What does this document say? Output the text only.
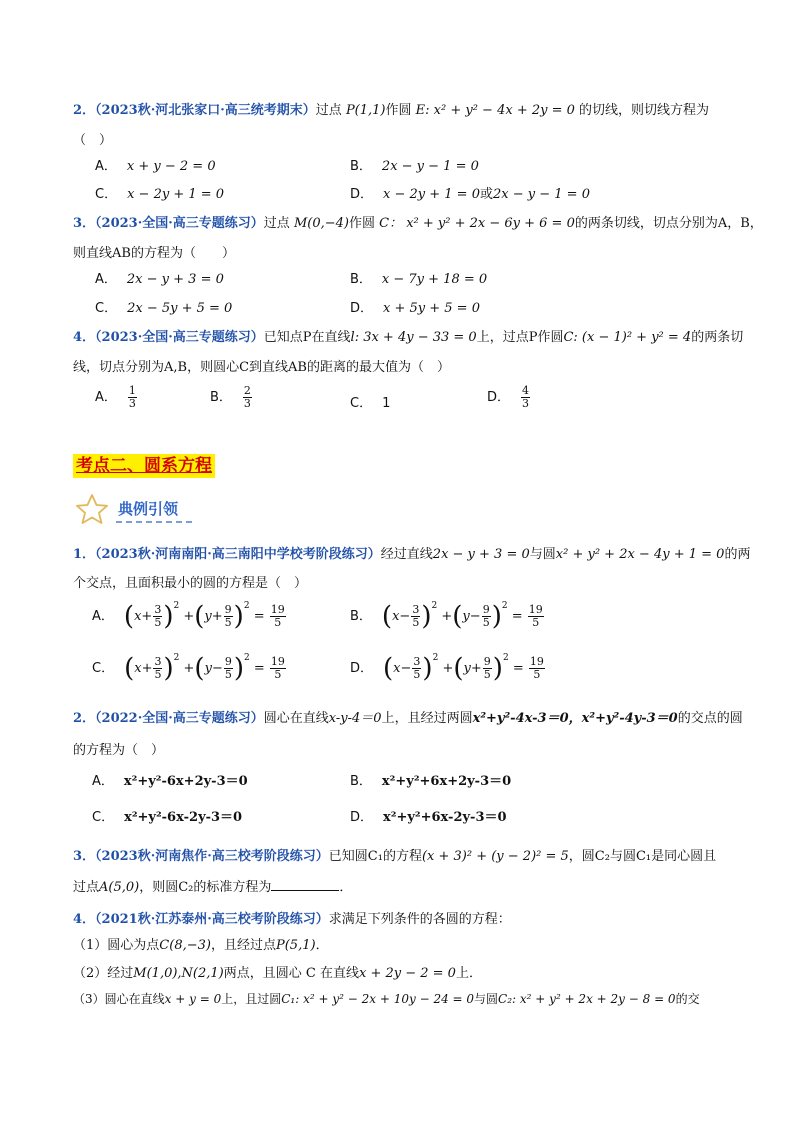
2．（2023秋·河北张家口·高三统考期末）过点 P(1,1)作圆 E: x² + y² − 4x + 2y = 0 的切线，则切线方程为
（　）
A． x + y − 2 = 0	B． 2x − y − 1 = 0
C． x − 2y + 1 = 0	D． x − 2y + 1 = 0或2x − y − 1 = 0
3．（2023·全国·高三专题练习）过点 M(0,−4)作圆 C： x² + y² + 2x − 6y + 6 = 0的两条切线，切点分别为A，B，
则直线AB的方程为（　　）
A． 2x − y + 3 = 0	B． x − 7y + 18 = 0
C． 2x − 5y + 5 = 0	D． x + 5y + 5 = 0
4．（2023·全国·高三专题练习）已知点P在直线l: 3x + 4y − 33 = 0上，过点P作圆C: (x − 1)² + y² = 4的两条切
线，切点分别为A,B，则圆心C到直线AB的距离的最大值为（　）
A． $\frac{1}{3}$	B． $\frac{2}{3}$	C． 1	D． $\frac{4}{3}$
考点二、圆系方程
典例引领
1．（2023秋·河南南阳·高三南阳中学校考阶段练习）经过直线2x − y + 3 = 0与圆x² + y² + 2x − 4y + 1 = 0的两
个交点，且面积最小的圆的方程是（　）
A． $(x+ \frac{3}{5} )^2 +(y+ \frac{9}{5} )^2 = \frac{19}{5}$	B． $(x- \frac{3}{5} )^2 +(y- \frac{9}{5} )^2 = \frac{19}{5}$
C． $(x+ \frac{3}{5} )^2 +(y- \frac{9}{5} )^2 = \frac{19}{5}$	D． $(x- \frac{3}{5} )^2 +(y+ \frac{9}{5} )^2 = \frac{19}{5}$
2．（2022·全国·高三专题练习）圆心在直线x-y-4＝0上，且经过两圆x²+y²-4x-3＝0，x²+y²-4y-3＝0的交点的圆
的方程为（　）
A． x²+y²-6x+2y-3＝0	B． x²+y²+6x+2y-3＝0
C． x²+y²-6x-2y-3＝0	D． x²+y²+6x-2y-3＝0
3．（2023秋·河南焦作·高三校考阶段练习）已知圆C₁的方程(x + 3)² + (y − 2)² = 5，圆C₂与圆C₁是同心圆且
过点A(5,0)，则圆C₂的标准方程为	．
4．（2021秋·江苏泰州·高三校考阶段练习）求满足下列条件的各圆的方程：
（1）圆心为点C(8,−3)，且经过点P(5,1)．
（2）经过M(1,0),N(2,1)两点，且圆心 C 在直线x + 2y − 2 = 0上．
（3）圆心在直线x + y = 0上，且过圆C₁: x² + y² − 2x + 10y − 24 = 0与圆C₂: x² + y² + 2x + 2y − 8 = 0的交
